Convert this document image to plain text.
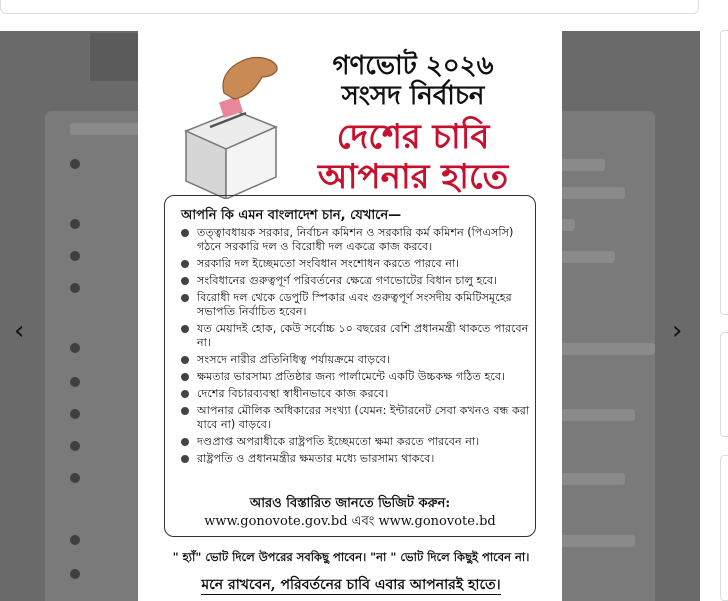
‹	›
গণভোট ২০২৬
সংসদ নির্বাচন
দেশের চাবি
আপনার হাতে
আপনি কি এমন বাংলাদেশ চান, যেখানে—
তত্ত্বাবধায়ক সরকার, নির্বাচন কমিশন ও সরকারি কর্ম কমিশন (পিএসসি) গঠনে সরকারি দল ও বিরোধী দল একত্রে কাজ করবে।
সরকারি দল ইচ্ছেমতো সংবিধান সংশোধন করতে পারবে না।
সংবিধানের গুরুত্বপূর্ণ পরিবর্তনের ক্ষেত্রে গণভোটের বিধান চালু হবে।
বিরোধী দল থেকে ডেপুটি স্পিকার এবং গুরুত্বপূর্ণ সংসদীয় কমিটিসমূহের সভাপতি নির্বাচিত হবেন।
যত মেয়াদই হোক, কেউ সর্বোচ্চ ১০ বছরের বেশি প্রধানমন্ত্রী থাকতে পারবেন না।
সংসদে নারীর প্রতিনিধিত্ব পর্যায়ক্রমে বাড়বে।
ক্ষমতার ভারসাম্য প্রতিষ্ঠার জন্য পার্লামেন্টে একটি উচ্চকক্ষ গঠিত হবে।
দেশের বিচারব্যবস্থা স্বাধীনভাবে কাজ করবে।
আপনার মৌলিক অধিকারের সংখ্যা (যেমন: ইন্টারনেট সেবা কখনও বন্ধ করা যাবে না) বাড়বে।
দণ্ডপ্রাপ্ত অপরাধীকে রাষ্ট্রপতি ইচ্ছেমতো ক্ষমা করতে পারবেন না।
রাষ্ট্রপতি ও প্রধানমন্ত্রীর ক্ষমতার মধ্যে ভারসাম্য থাকবে।
আরও বিস্তারিত জানতে ভিজিট করুন:
www.gonovote.gov.bd এবং www.gonovote.bd
" হ্যাঁ" ভোট দিলে উপরের সবকিছু পাবেন। "না " ভোট দিলে কিছুই পাবেন না।
মনে রাখবেন, পরিবর্তনের চাবি এবার আপনারই হাতে।
